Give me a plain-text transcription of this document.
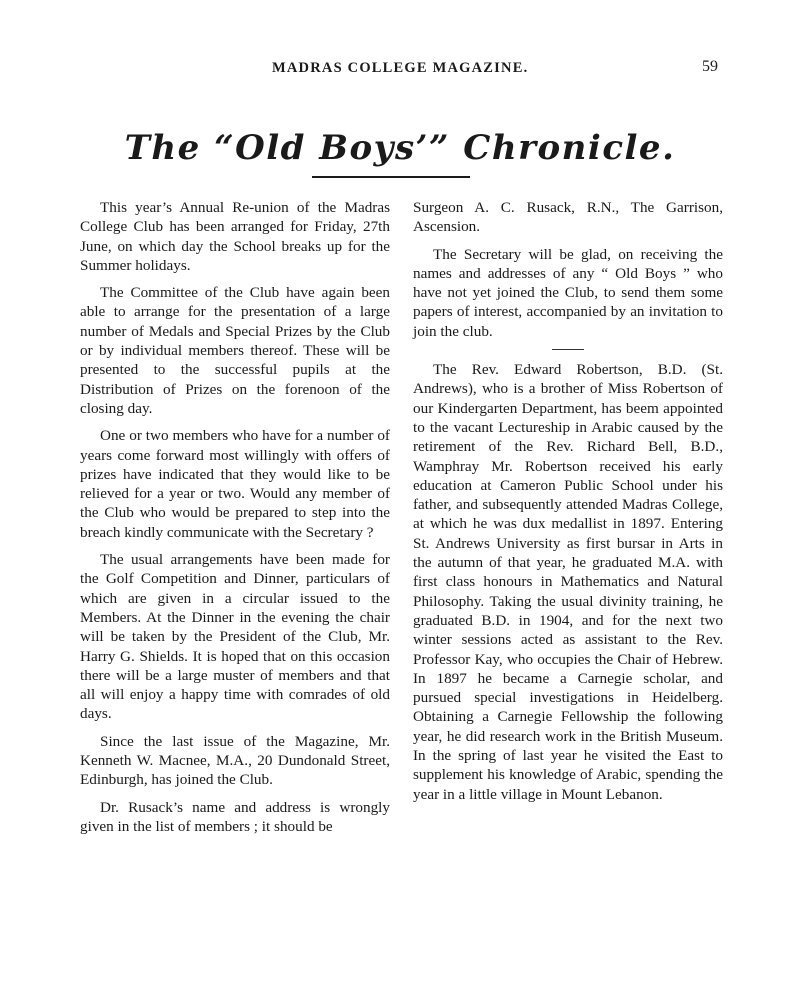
MADRAS COLLEGE MAGAZINE.	59
The “Old Boys’” Chronicle.

This year’s Annual Re-union of the Madras College Club has been arranged for Friday, 27th June, on which day the School breaks up for the Summer holidays.

The Committee of the Club have again been able to arrange for the presentation of a large number of Medals and Special Prizes by the Club or by individual members thereof. These will be presented to the successful pupils at the Distribution of Prizes on the forenoon of the closing day.

One or two members who have for a number of years come forward most willingly with offers of prizes have indicated that they would like to be relieved for a year or two. Would any member of the Club who would be prepared to step into the breach kindly communicate with the Secretary ?

The usual arrangements have been made for the Golf Competition and Dinner, particulars of which are given in a circular issued to the Members. At the Dinner in the evening the chair will be taken by the President of the Club, Mr. Harry G. Shields. It is hoped that on this occasion there will be a large muster of members and that all will enjoy a happy time with comrades of old days.

Since the last issue of the Magazine, Mr. Kenneth W. Macnee, M.A., 20 Dundonald Street, Edinburgh, has joined the Club.

Dr. Rusack’s name and address is wrongly given in the list of members ; it should be

Surgeon A. C. Rusack, R.N., The Garrison, Ascension.

The Secretary will be glad, on receiving the names and addresses of any “ Old Boys ” who have not yet joined the Club, to send them some papers of interest, accompanied by an invitation to join the club.

The Rev. Edward Robertson, B.D. (St. Andrews), who is a brother of Miss Robertson of our Kindergarten Department, has beem appointed to the vacant Lectureship in Arabic caused by the retirement of the Rev. Richard Bell, B.D., Wamphray Mr. Robertson received his early education at Cameron Public School under his father, and subsequently attended Madras College, at which he was dux medallist in 1897. Entering St. Andrews University as first bursar in Arts in the autumn of that year, he graduated M.A. with first class honours in Mathematics and Natural Philosophy. Taking the usual divinity training, he graduated B.D. in 1904, and for the next two winter sessions acted as assistant to the Rev. Professor Kay, who occupies the Chair of Hebrew. In 1897 he became a Carnegie scholar, and pursued special investigations in Heidelberg. Obtaining a Carnegie Fellowship the following year, he did research work in the British Museum. In the spring of last year he visited the East to supplement his knowledge of Arabic, spending the year in a little village in Mount Lebanon.
